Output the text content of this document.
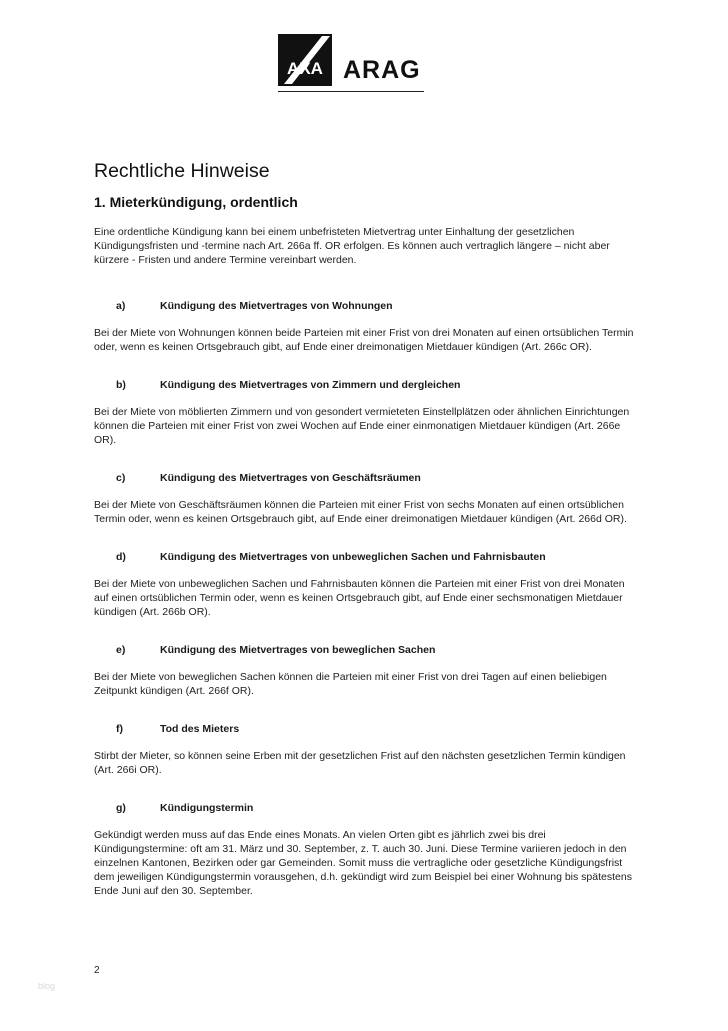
AXA ARAG
Rechtliche Hinweise
1. Mieterkündigung, ordentlich

Eine ordentliche Kündigung kann bei einem unbefristeten Mietvertrag unter Einhaltung der gesetzlichen Kündigungsfristen und -termine nach Art. 266a ff. OR erfolgen. Es können auch vertraglich längere – nicht aber kürzere - Fristen und andere Termine vereinbart werden.

a)	Kündigung des Mietvertrages von Wohnungen

Bei der Miete von Wohnungen können beide Parteien mit einer Frist von drei Monaten auf einen ortsüblichen Termin oder, wenn es keinen Ortsgebrauch gibt, auf Ende einer dreimonatigen Mietdauer kündigen (Art. 266c OR).

b)	Kündigung des Mietvertrages von Zimmern und dergleichen

Bei der Miete von möblierten Zimmern und von gesondert vermieteten Einstellplätzen oder ähnlichen Einrichtungen können die Parteien mit einer Frist von zwei Wochen auf Ende einer einmonatigen Mietdauer kündigen (Art. 266e OR).

c)	Kündigung des Mietvertrages von Geschäftsräumen

Bei der Miete von Geschäftsräumen können die Parteien mit einer Frist von sechs Monaten auf einen ortsüblichen Termin oder, wenn es keinen Ortsgebrauch gibt, auf Ende einer dreimonatigen Mietdauer kündigen (Art. 266d OR).

d)	Kündigung des Mietvertrages von unbeweglichen Sachen und Fahrnisbauten

Bei der Miete von unbeweglichen Sachen und Fahrnisbauten können die Parteien mit einer Frist von drei Monaten auf einen ortsüblichen Termin oder, wenn es keinen Ortsgebrauch gibt, auf Ende einer sechsmonatigen Mietdauer kündigen (Art. 266b OR).

e)	Kündigung des Mietvertrages von beweglichen Sachen

Bei der Miete von beweglichen Sachen können die Parteien mit einer Frist von drei Tagen auf einen beliebigen Zeitpunkt kündigen (Art. 266f OR).

f)	Tod des Mieters

Stirbt der Mieter, so können seine Erben mit der gesetzlichen Frist auf den nächsten gesetzlichen Termin kündigen (Art. 266i OR).

g)	Kündigungstermin

Gekündigt werden muss auf das Ende eines Monats. An vielen Orten gibt es jährlich zwei bis drei Kündigungstermine: oft am 31. März und 30. September, z. T. auch 30. Juni. Diese Termine variieren jedoch in den einzelnen Kantonen, Bezirken oder gar Gemeinden. Somit muss die vertragliche oder gesetzliche Kündigungsfrist dem jeweiligen Kündigungstermin vorausgehen, d.h. gekündigt wird zum Beispiel bei einer Wohnung bis spätestens Ende Juni auf den 30. September.

2
blog
